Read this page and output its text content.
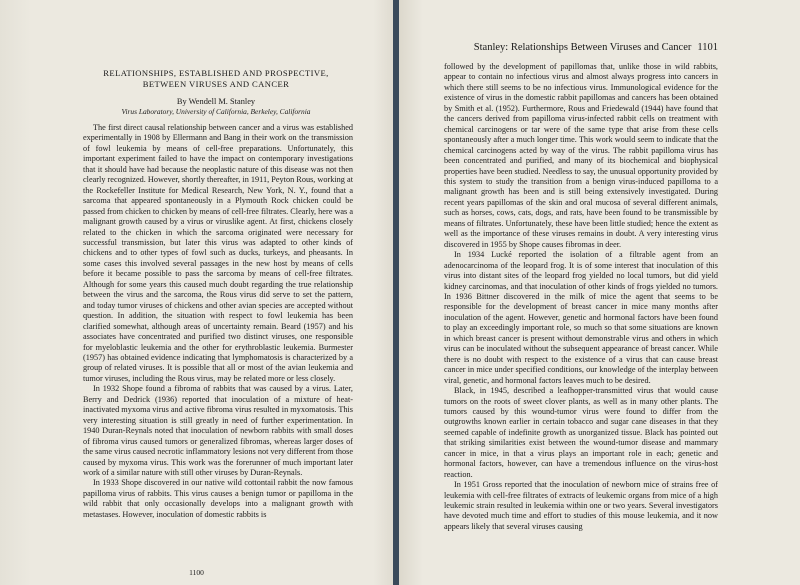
RELATIONSHIPS, ESTABLISHED AND PROSPECTIVE,
BETWEEN VIRUSES AND CANCER
By Wendell M. Stanley
Virus Laboratory, University of California, Berkeley, California

The first direct causal relationship between cancer and a virus was established experimentally in 1908 by Ellermann and Bang in their work on the transmission of fowl leukemia by means of cell-free preparations. Unfortunately, this important experiment failed to have the impact on contemporary investigations that it should have had because the neoplastic nature of this disease was not then clearly recognized. However, shortly thereafter, in 1911, Peyton Rous, working at the Rockefeller Institute for Medical Research, New York, N. Y., found that a sarcoma that appeared spontaneously in a Plymouth Rock chicken could be passed from chicken to chicken by means of cell-free filtrates. Clearly, here was a malignant growth caused by a virus or viruslike agent. At first, chickens closely related to the chicken in which the sarcoma originated were necessary for successful transmission, but later this virus was adapted to other kinds of chickens and to other types of fowl such as ducks, turkeys, and pheasants. In some cases this involved several passages in the new host by means of cells before it became possible to pass the sarcoma by means of cell-free filtrates. Although for some years this caused much doubt regarding the true relationship between the virus and the sarcoma, the Rous virus did serve to set the pattern, and today tumor viruses of chickens and other avian species are accepted without question. In addition, the situation with respect to fowl leukemia has been clarified somewhat, although areas of uncertainty remain. Beard (1957) and his associates have concentrated and purified two distinct viruses, one responsible for myeloblastic leukemia and the other for erythroblastic leukemia. Burmester (1957) has obtained evidence indicating that lymphomatosis is characterized by a group of related viruses. It is possible that all or most of the avian leukemia and tumor viruses, including the Rous virus, may be related more or less closely.

In 1932 Shope found a fibroma of rabbits that was caused by a virus. Later, Berry and Dedrick (1936) reported that inoculation of a mixture of heat-inactivated myxoma virus and active fibroma virus resulted in myxomatosis. This very interesting situation is still greatly in need of further experimentation. In 1940 Duran-Reynals noted that inoculation of newborn rabbits with small doses of fibroma virus caused tumors or generalized fibromas, whereas larger doses of the same virus caused necrotic inflammatory lesions not very different from those caused by myxoma virus. This work was the forerunner of much important later work of a similar nature with still other viruses by Duran-Reynals.

In 1933 Shope discovered in our native wild cottontail rabbit the now famous papilloma virus of rabbits. This virus causes a benign tumor or papilloma in the wild rabbit that only occasionally develops into a malignant growth with metastases. However, inoculation of domestic rabbits is

1100
Stanley: Relationships Between Viruses and Cancer 1101

followed by the development of papillomas that, unlike those in wild rabbits, appear to contain no infectious virus and almost always progress into cancers in which there still seems to be no infectious virus. Immunological evidence for the existence of virus in the domestic rabbit papillomas and cancers has been obtained by Smith et al. (1952). Furthermore, Rous and Friedewald (1944) have found that the cancers derived from papilloma virus-infected rabbit cells on treatment with chemical carcinogens or tar were of the same type that arise from these cells spontaneously after a much longer time. This work would seem to indicate that the chemical carcinogens acted by way of the virus. The rabbit papilloma virus has been concentrated and purified, and many of its biochemical and biophysical properties have been studied. Needless to say, the unusual opportunity provided by this system to study the transition from a benign virus-induced papilloma to a malignant growth has been and is still being extensively investigated. During recent years papillomas of the skin and oral mucosa of several different animals, such as horses, cows, cats, dogs, and rats, have been found to be transmissible by means of filtrates. Unfortunately, these have been little studied; hence the extent as well as the importance of these viruses remains in doubt. A very interesting virus discovered in 1955 by Shope causes fibromas in deer.

In 1934 Lucké reported the isolation of a filtrable agent from an adenocarcinoma of the leopard frog. It is of some interest that inoculation of this virus into distant sites of the leopard frog yielded no local tumors, but did yield kidney carcinomas, and that inoculation of other kinds of frogs yielded no tumors. In 1936 Bittner discovered in the milk of mice the agent that seems to be responsible for the development of breast cancer in mice many months after inoculation of the agent. However, genetic and hormonal factors have been found to play an exceedingly important role, so much so that some situations are known in which breast cancer is present without demonstrable virus and others in which virus can be inoculated without the subsequent appearance of breast cancer. While there is no doubt with respect to the existence of a virus that can cause breast cancer in mice under specified conditions, our knowledge of the interplay between viral, genetic, and hormonal factors leaves much to be desired.

Black, in 1945, described a leafhopper-transmitted virus that would cause tumors on the roots of sweet clover plants, as well as in many other plants. The tumors caused by this wound-tumor virus were found to differ from the outgrowths known earlier in certain tobacco and sugar cane diseases in that they seemed capable of indefinite growth as unorganized tissue. Black has pointed out that striking similarities exist between the wound-tumor disease and mammary cancer in mice, in that a virus plays an important role in each; genetic and hormonal factors, however, can have a tremendous influence on the virus-host reaction.

In 1951 Gross reported that the inoculation of newborn mice of strains free of leukemia with cell-free filtrates of extracts of leukemic organs from mice of a high leukemic strain resulted in leukemia within one or two years. Several investigators have devoted much time and effort to studies of this mouse leukemia, and it now appears likely that several viruses causing
